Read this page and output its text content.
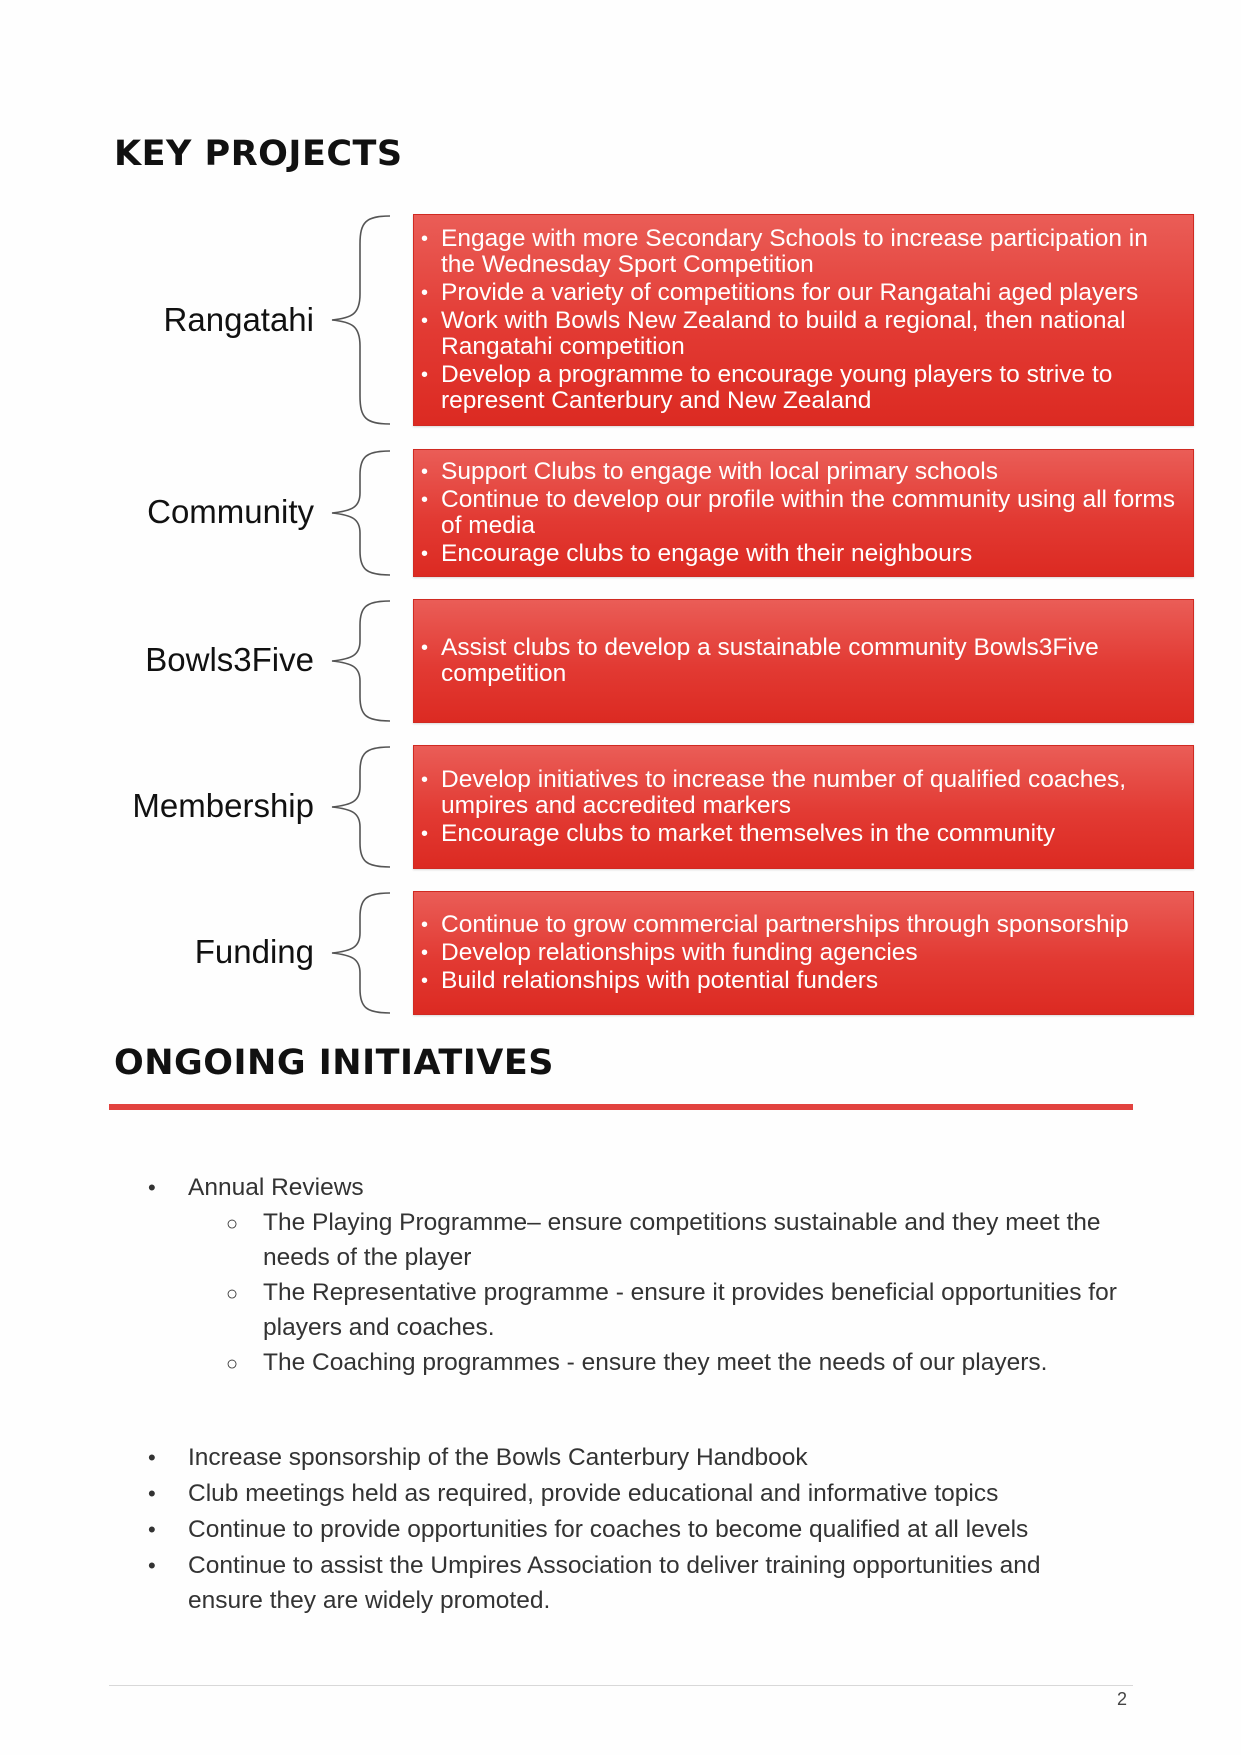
KEY PROJECTS
Rangatahi
• Engage with more Secondary Schools to increase participation in the Wednesday Sport Competition
• Provide a variety of competitions for our Rangatahi aged players
• Work with Bowls New Zealand to build a regional, then national Rangatahi competition
• Develop a programme to encourage young players to strive to represent Canterbury and New Zealand
Community
• Support Clubs to engage with local primary schools
• Continue to develop our profile within the community using all forms of media
• Encourage clubs to engage with their neighbours
Bowls3Five
•	Assist clubs to develop a sustainable community Bowls3Five competition
Membership
• Develop initiatives to increase the number of qualified coaches, umpires and accredited markers
• Encourage clubs to market themselves in the community
Funding
• Continue to grow commercial partnerships through sponsorship
• Develop relationships with funding agencies
• Build relationships with potential funders
ONGOING INITIATIVES
• Annual Reviews
○ The Playing Programme– ensure competitions sustainable and they meet the needs of the player
○ The Representative programme - ensure it provides beneficial opportunities for players and coaches.
○ The Coaching programmes - ensure they meet the needs of our players.
• Increase sponsorship of the Bowls Canterbury Handbook
• Club meetings held as required, provide educational and informative topics
• Continue to provide opportunities for coaches to become qualified at all levels
• Continue to assist the Umpires Association to deliver training opportunities and ensure they are widely promoted.
2
